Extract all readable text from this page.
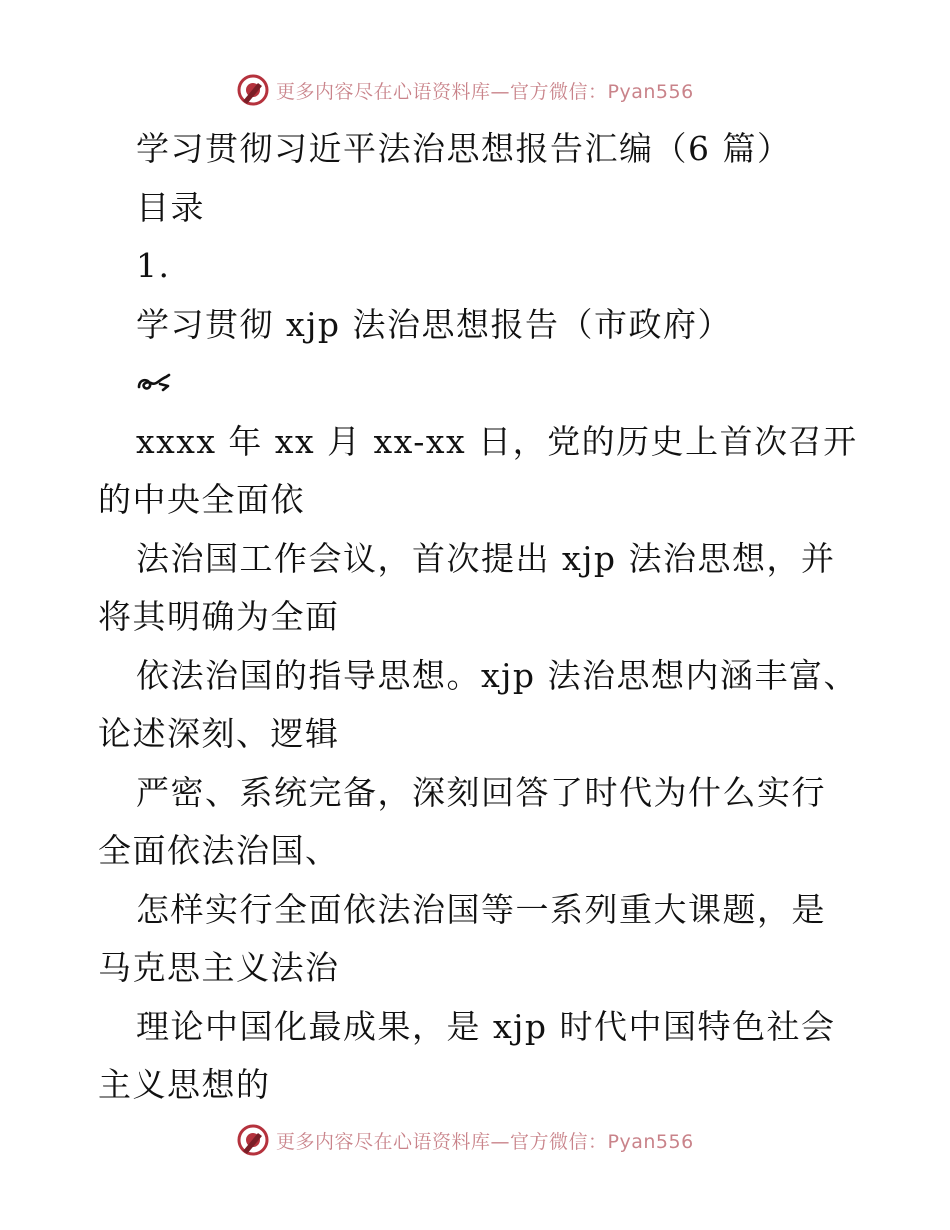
更多内容尽在心语资料库—官方微信：Pyan556

学习贯彻习近平法治思想报告汇编（6 篇）

目录

1.

学习贯彻 xjp 法治思想报告（市政府）

xxxx 年 xx 月 xx-xx 日，党的历史上首次召开的中央全面依

法治国工作会议，首次提出 xjp 法治思想，并将其明确为全面

依法治国的指导思想。xjp 法治思想内涵丰富、论述深刻、逻辑

严密、系统完备，深刻回答了时代为什么实行全面依法治国、

怎样实行全面依法治国等一系列重大课题，是马克思主义法治

理论中国化最成果，是 xjp 时代中国特色社会主义思想的

更多内容尽在心语资料库—官方微信：Pyan556
